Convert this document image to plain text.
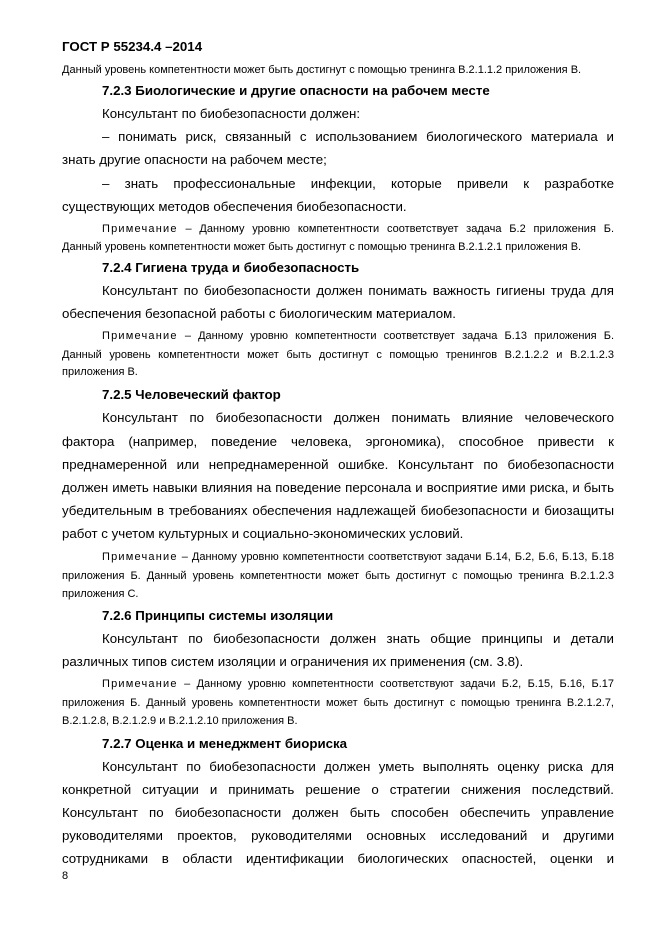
ГОСТ Р 55234.4 –2014
Данный уровень компетентности может быть достигнут с помощью тренинга В.2.1.1.2 приложения В.
7.2.3 Биологические и другие опасности на рабочем месте
Консультант по биобезопасности должен:
– понимать риск, связанный с использованием биологического материала и
знать другие опасности на рабочем месте;
– знать профессиональные инфекции, которые привели к разработке
существующих методов обеспечения биобезопасности.
Примечание – Данному уровню компетентности соответствует задача Б.2 приложения Б.
Данный уровень компетентности может быть достигнут с помощью тренинга В.2.1.2.1 приложения В.
7.2.4 Гигиена труда и биобезопасность
Консультант по биобезопасности должен понимать важность гигиены труда для
обеспечения безопасной работы с биологическим материалом.
Примечание – Данному уровню компетентности соответствует задача Б.13 приложения Б.
Данный уровень компетентности может быть достигнут с помощью тренингов В.2.1.2.2 и В.2.1.2.3
приложения В.
7.2.5 Человеческий фактор
Консультант по биобезопасности должен понимать влияние человеческого
фактора (например, поведение человека, эргономика), способное привести к
преднамеренной или непреднамеренной ошибке. Консультант по биобезопасности
должен иметь навыки влияния на поведение персонала и восприятие ими риска, и быть
убедительным в требованиях обеспечения надлежащей биобезопасности и биозащиты
работ с учетом культурных и социально-экономических условий.
Примечание – Данному уровню компетентности соответствуют задачи Б.14, Б.2, Б.6, Б.13, Б.18
приложения Б. Данный уровень компетентности может быть достигнут с помощью тренинга В.2.1.2.3
приложения С.
7.2.6 Принципы системы изоляции
Консультант по биобезопасности должен знать общие принципы и детали
различных типов систем изоляции и ограничения их применения (см. 3.8).
Примечание – Данному уровню компетентности соответствуют задачи Б.2, Б.15, Б.16, Б.17
приложения Б. Данный уровень компетентности может быть достигнут с помощью тренинга В.2.1.2.7,
В.2.1.2.8, В.2.1.2.9 и В.2.1.2.10 приложения В.
7.2.7 Оценка и менеджмент биориска
Консультант по биобезопасности должен уметь выполнять оценку риска для
конкретной ситуации и принимать решение о стратегии снижения последствий.
Консультант по биобезопасности должен быть способен обеспечить управление
руководителями проектов, руководителями основных исследований и другими
сотрудниками в области идентификации биологических опасностей, оценки и
8
